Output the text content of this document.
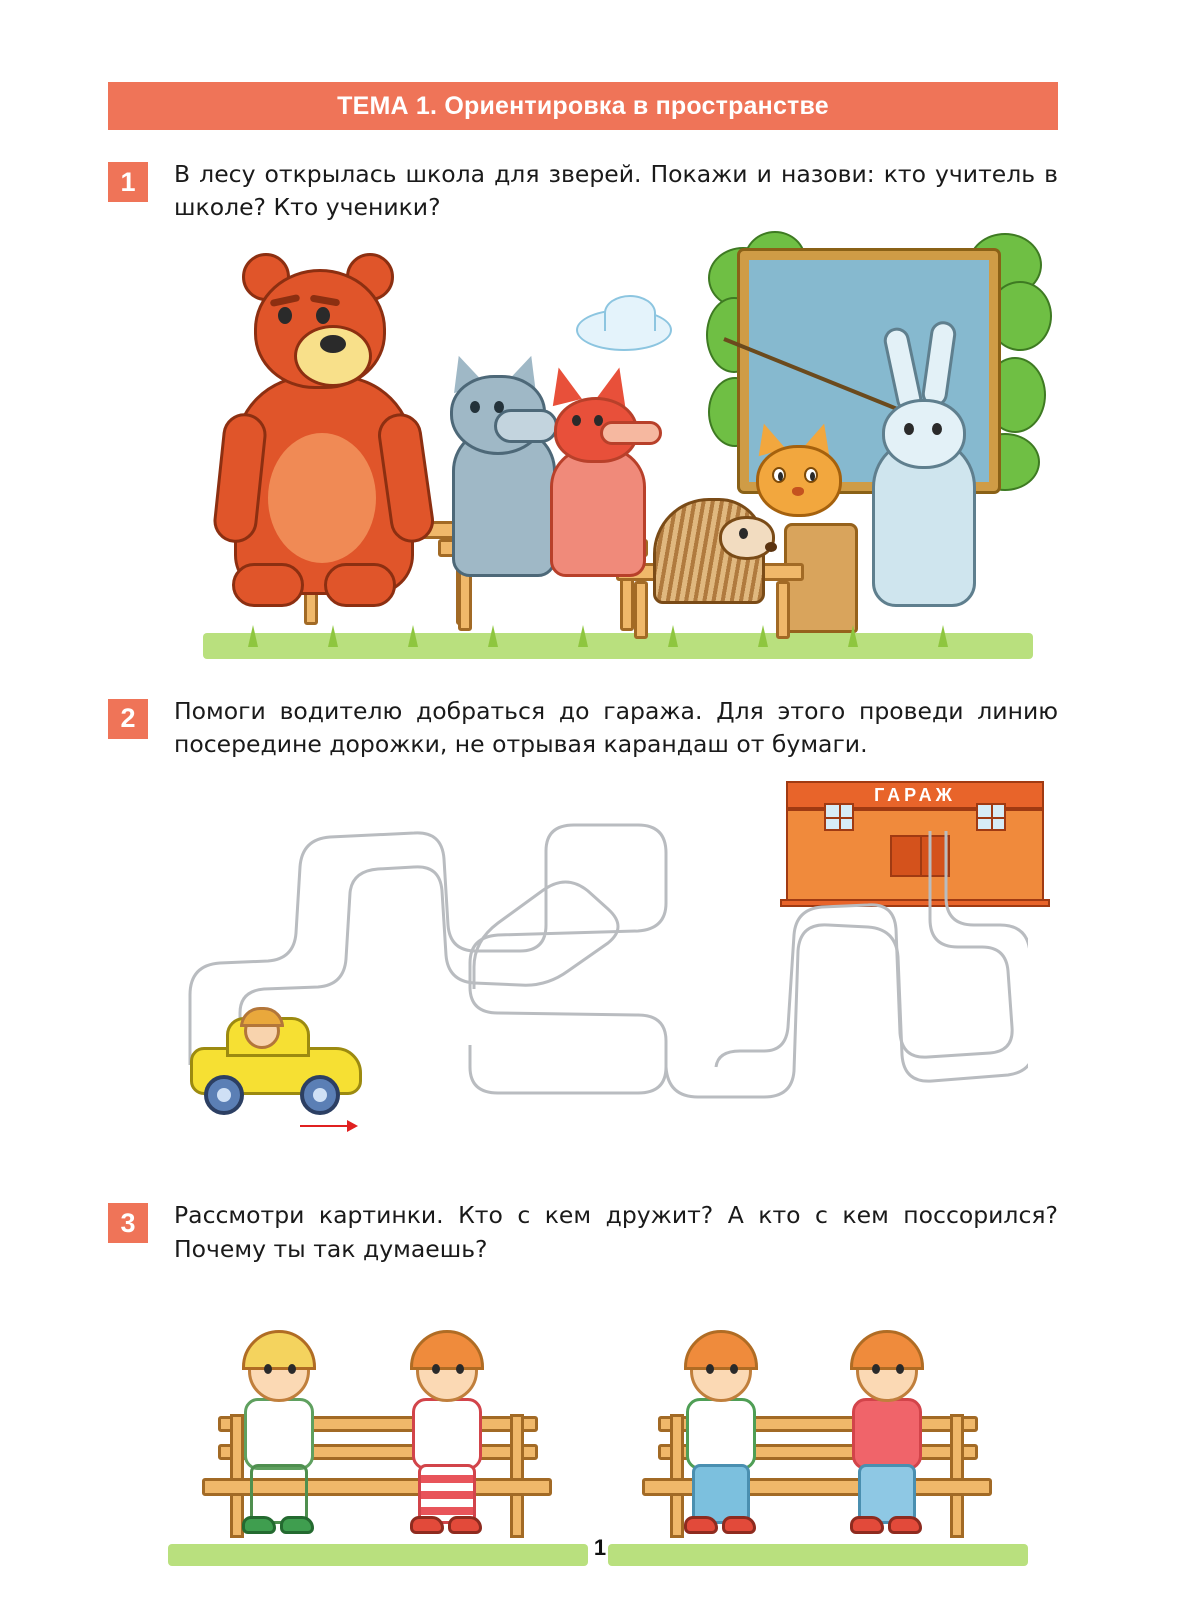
ТЕМА 1. Ориентировка в пространстве
1	В лесу открылась школа для зверей. Покажи и назови: кто учитель в школе? Кто ученики?
2	Помоги водителю добраться до гаража. Для этого проведи линию посередине дорожки, не отрывая карандаш от бумаги.
ГАРАЖ
3	Рассмотри картинки. Кто с кем дружит? А кто с кем поссорился? Почему ты так думаешь?
1
